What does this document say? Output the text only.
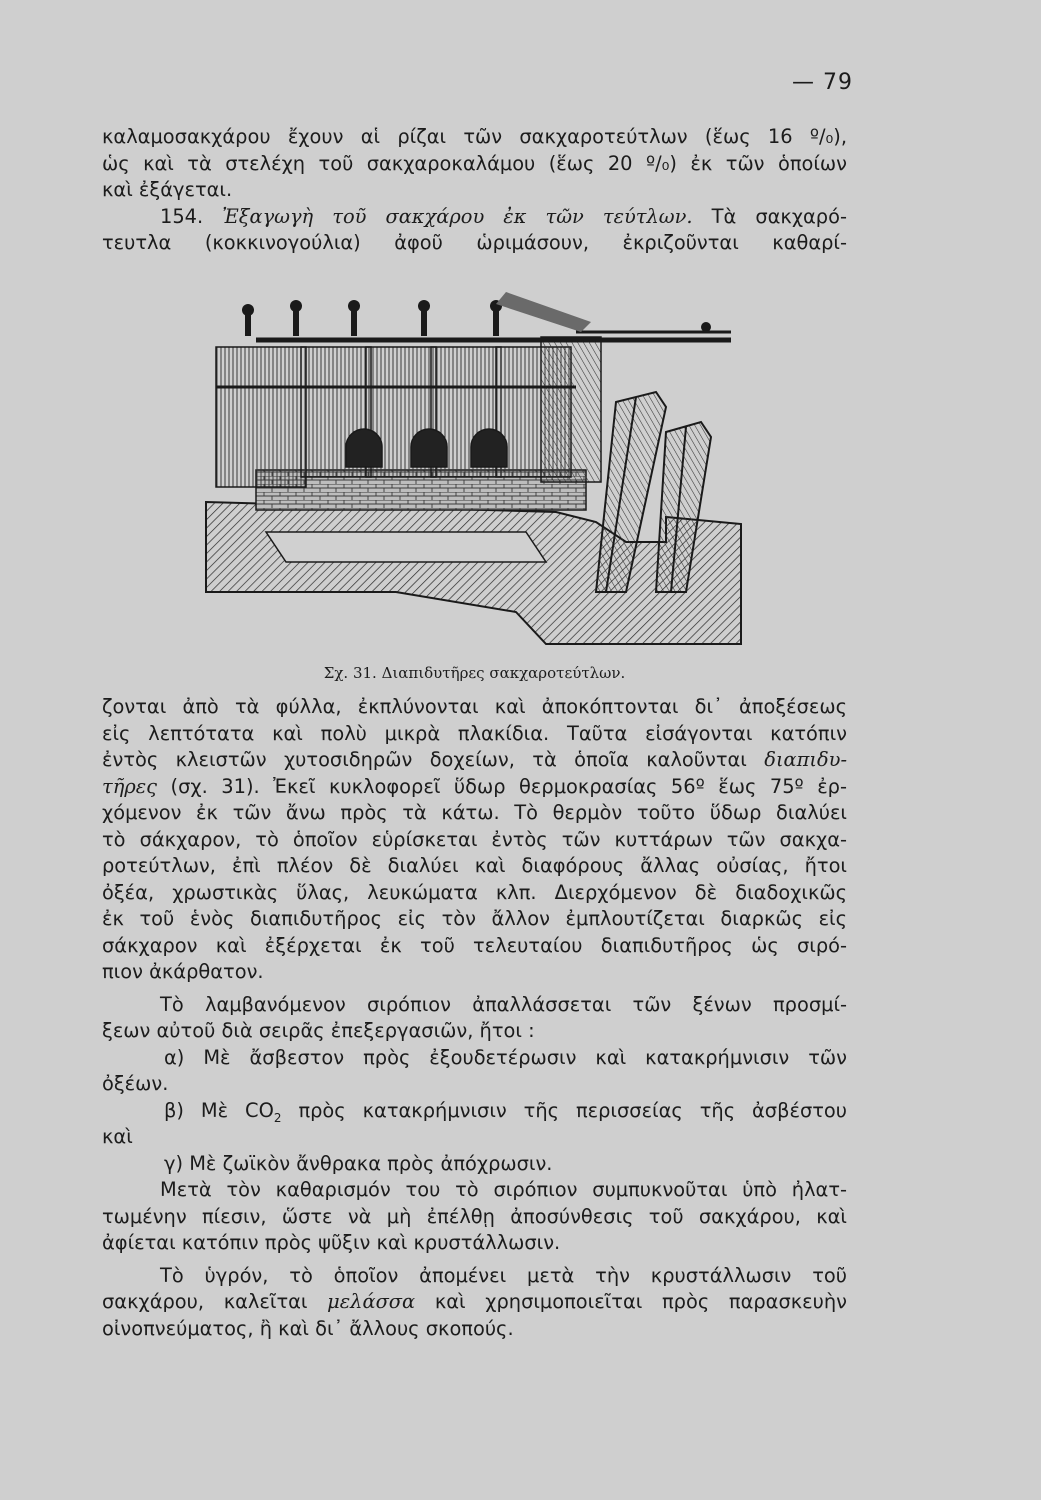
— 79
καλαμοσακχάρου ἔχουν αἱ ρίζαι τῶν σακχαροτεύτλων (ἕως 16 º/₀),
ὡς καὶ τὰ στελέχη τοῦ σακχαροκαλάμου (ἕως 20 º/₀) ἐκ τῶν ὁποίων
καὶ ἐξάγεται.
154. Ἐξαγωγὴ τοῦ σακχάρου ἐκ τῶν τεύτλων. Τὰ σακχαρό-
τευτλα (κοκκινογούλια) ἀφοῦ ὡριμάσουν, ἐκριζοῦνται καθαρί-
Σχ. 31. Διαπιδυτῆρες σακχαροτεύτλων.
ζονται ἀπὸ τὰ φύλλα, ἐκπλύνονται καὶ ἀποκόπτονται δι᾽ ἀποξέσεως
εἰς λεπτότατα καὶ πολὺ μικρὰ πλακίδια. Ταῦτα εἰσάγονται κατόπιν
ἐντὸς κλειστῶν χυτοσιδηρῶν δοχείων, τὰ ὁποῖα καλοῦνται διαπιδυ-
τῆρες (σχ. 31). Ἐκεῖ κυκλοφορεῖ ὕδωρ θερμοκρασίας 56º ἕως 75º ἐρ-
χόμενον ἐκ τῶν ἄνω πρὸς τὰ κάτω. Τὸ θερμὸν τοῦτο ὕδωρ διαλύει
τὸ σάκχαρον, τὸ ὁποῖον εὑρίσκεται ἐντὸς τῶν κυττάρων τῶν σακχα-
ροτεύτλων, ἐπὶ πλέον δὲ διαλύει καὶ διαφόρους ἄλλας οὐσίας, ἤτοι
ὀξέα, χρωστικὰς ὕλας, λευκώματα κλπ. Διερχόμενον δὲ διαδοχικῶς
ἐκ τοῦ ἑνὸς διαπιδυτῆρος εἰς τὸν ἄλλον ἐμπλουτίζεται διαρκῶς εἰς
σάκχαρον καὶ ἐξέρχεται ἐκ τοῦ τελευταίου διαπιδυτῆρος ὡς σιρό-
πιον ἀκάρθατον.
Τὸ λαμβανόμενον σιρόπιον ἀπαλλάσσεται τῶν ξένων προσμί-
ξεων αὐτοῦ διὰ σειρᾶς ἐπεξεργασιῶν, ἤτοι :
α) Μὲ ἄσβεστον πρὸς ἐξουδετέρωσιν καὶ κατακρήμνισιν τῶν
ὀξέων.
β) Μὲ $CO_2$ πρὸς κατακρήμνισιν τῆς περισσείας τῆς ἀσβέστου
καὶ
γ) Μὲ ζωϊκὸν ἄνθρακα πρὸς ἀπόχρωσιν.
Μετὰ τὸν καθαρισμόν του τὸ σιρόπιον συμπυκνοῦται ὑπὸ ἠλατ-
τωμένην πίεσιν, ὥστε νὰ μὴ ἐπέλθῃ ἀποσύνθεσις τοῦ σακχάρου, καὶ
ἀφίεται κατόπιν πρὸς ψῦξιν καὶ κρυστάλλωσιν.
Τὸ ὑγρόν, τὸ ὁποῖον ἀπομένει μετὰ τὴν κρυστάλλωσιν τοῦ
σακχάρου, καλεῖται μελάσσα καὶ χρησιμοποιεῖται πρὸς παρασκευὴν
οἰνοπνεύματος, ἢ καὶ δι᾽ ἄλλους σκοπούς.
